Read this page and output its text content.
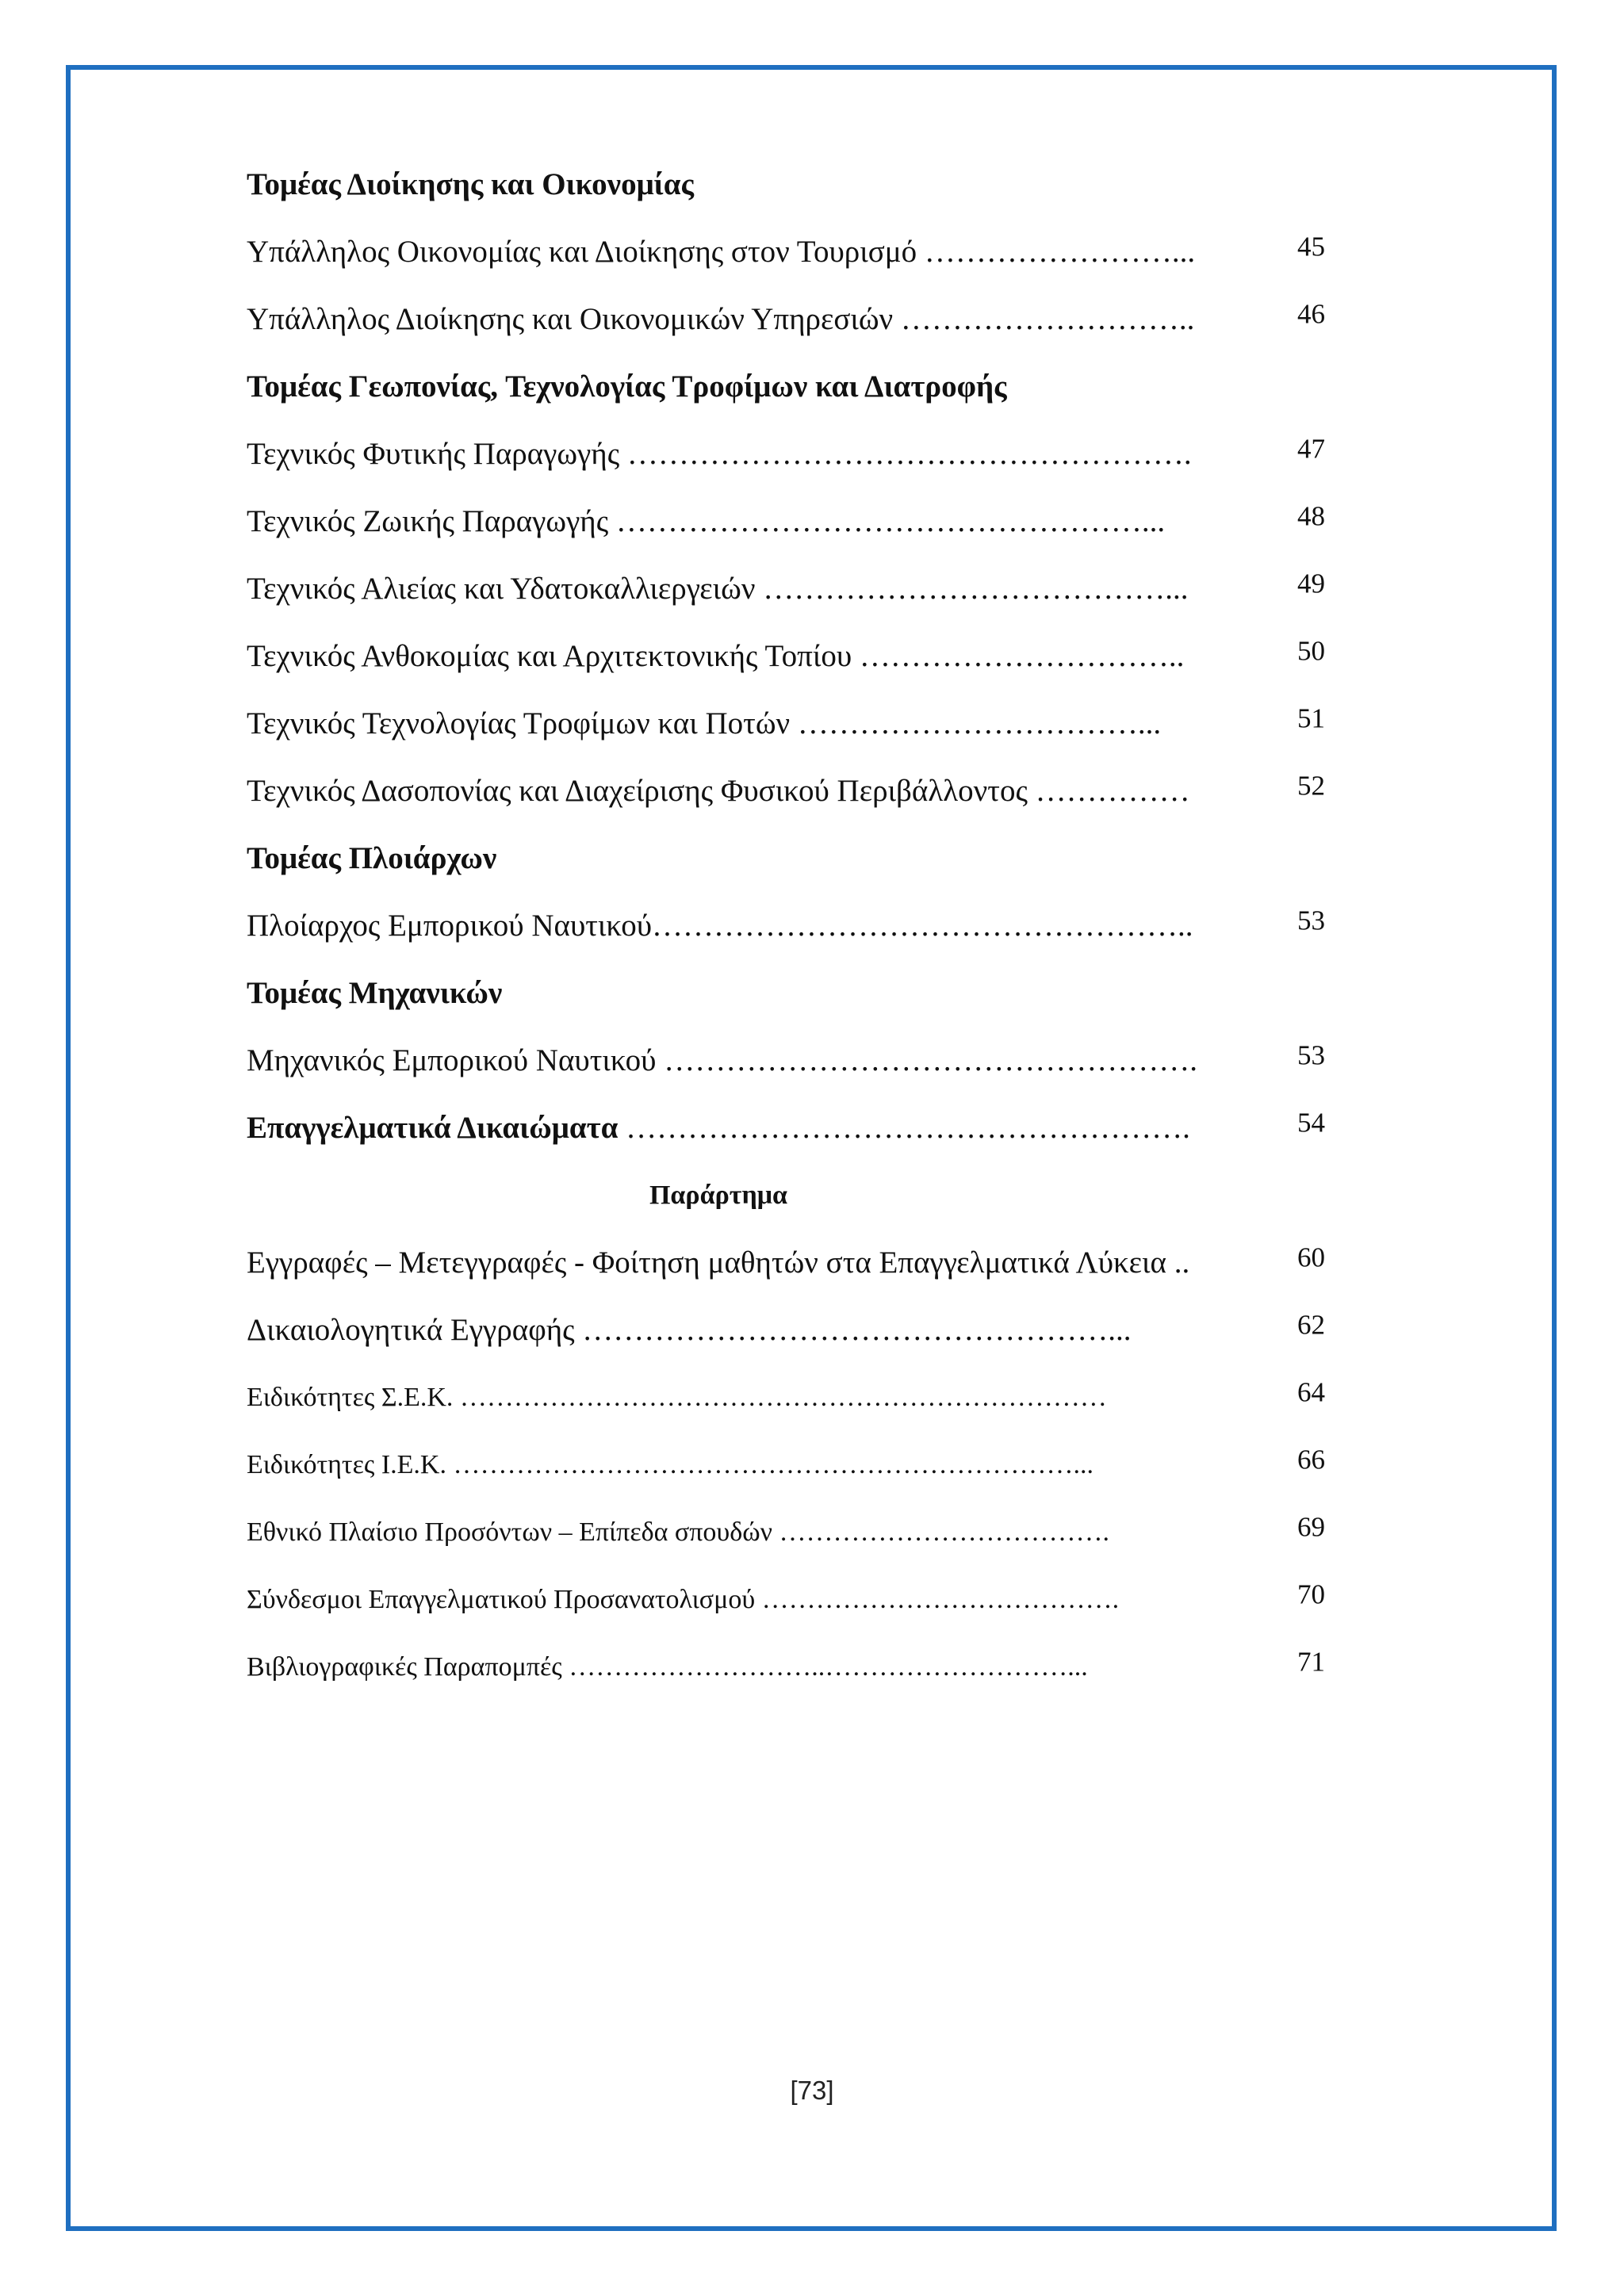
Τομέας Διοίκησης και Οικονομίας
Υπάλληλος Οικονομίας και Διοίκησης στον Τουρισμό ……………………...	45
Υπάλληλος Διοίκησης και Οικονομικών Υπηρεσιών ………………………..	46
Τομέας Γεωπονίας, Τεχνολογίας Τροφίμων και Διατροφής
Τεχνικός Φυτικής Παραγωγής ……………………………………………….	47
Τεχνικός Ζωικής Παραγωγής ……………………………………………...	48
Τεχνικός Αλιείας και Υδατοκαλλιεργειών …………………………………...	49
Τεχνικός Ανθοκομίας και Αρχιτεκτονικής Τοπίου …………………………..	50
Τεχνικός Τεχνολογίας Τροφίμων και Ποτών ……………………………...	51
Τεχνικός Δασοπονίας και Διαχείρισης Φυσικού Περιβάλλοντος ……………	52
Τομέας Πλοιάρχων
Πλοίαρχος Εμπορικού Ναυτικού……………………………………………..	53
Τομέας Μηχανικών
Μηχανικός Εμπορικού Ναυτικού …………………………………………….	53
Επαγγελματικά Δικαιώματα ……………………………………………….	54
Παράρτημα
Εγγραφές – Μετεγγραφές - Φοίτηση μαθητών στα Επαγγελματικά Λύκεια ..	60
Δικαιολογητικά Εγγραφής ……………………………………………...	62
Ειδικότητες Σ.Ε.Κ. ………………………………………………………………	64
Ειδικότητες Ι.Ε.Κ. ……………………………………………………………...	66
Εθνικό Πλαίσιο Προσόντων – Επίπεδα σπουδών ……………………………….	69
Σύνδεσμοι Επαγγελματικού Προσανατολισμού ………………………………….	70
Βιβλιογραφικές Παραπομπές ………………………..………………………...	71
[73]
